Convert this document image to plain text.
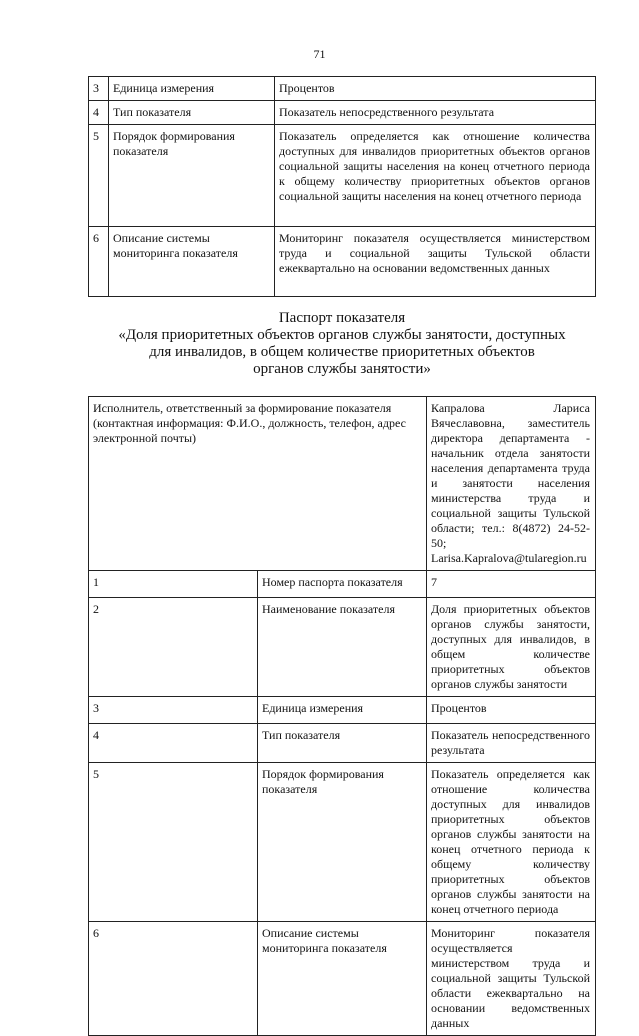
71
3	Единица измерения	Процентов
4	Тип показателя	Показатель непосредственного результата
5	Порядок формирования показателя	Показатель определяется как отношение количества доступных для инвалидов приоритетных объектов органов социальной защиты населения на конец отчетного периода к общему количеству приоритетных объектов органов социальной защиты населения на конец отчетного периода
6	Описание системы мониторинга показателя	Мониторинг показателя осуществляется министерством труда и социальной защиты Тульской области ежеквартально на основании ведомственных данных
Паспорт показателя
«Доля приоритетных объектов органов службы занятости, доступных
для инвалидов, в общем количестве приоритетных объектов
органов службы занятости»
Исполнитель, ответственный за формирование показателя (контактная информация: Ф.И.О., должность, телефон, адрес электронной почты)		Капралова Лариса Вячеславовна, заместитель директора департамента - начальник отдела занятости населения департамента труда и занятости населения министерства труда и социальной защиты Тульской области; тел.: 8(4872) 24-52-50; Larisa.Kapralova@tularegion.ru
1	Номер паспорта показателя	7
2	Наименование показателя	Доля приоритетных объектов органов службы занятости, доступных для инвалидов, в общем количестве приоритетных объектов органов службы занятости
3	Единица измерения	Процентов
4	Тип показателя	Показатель непосредственного результата
5	Порядок формирования показателя	Показатель определяется как отношение количества доступных для инвалидов приоритетных объектов органов службы занятости на конец отчетного периода к общему количеству приоритетных объектов органов службы занятости на конец отчетного периода
6	Описание системы мониторинга показателя	Мониторинг показателя осуществляется министерством труда и социальной защиты Тульской области ежеквартально на основании ведомственных данных
